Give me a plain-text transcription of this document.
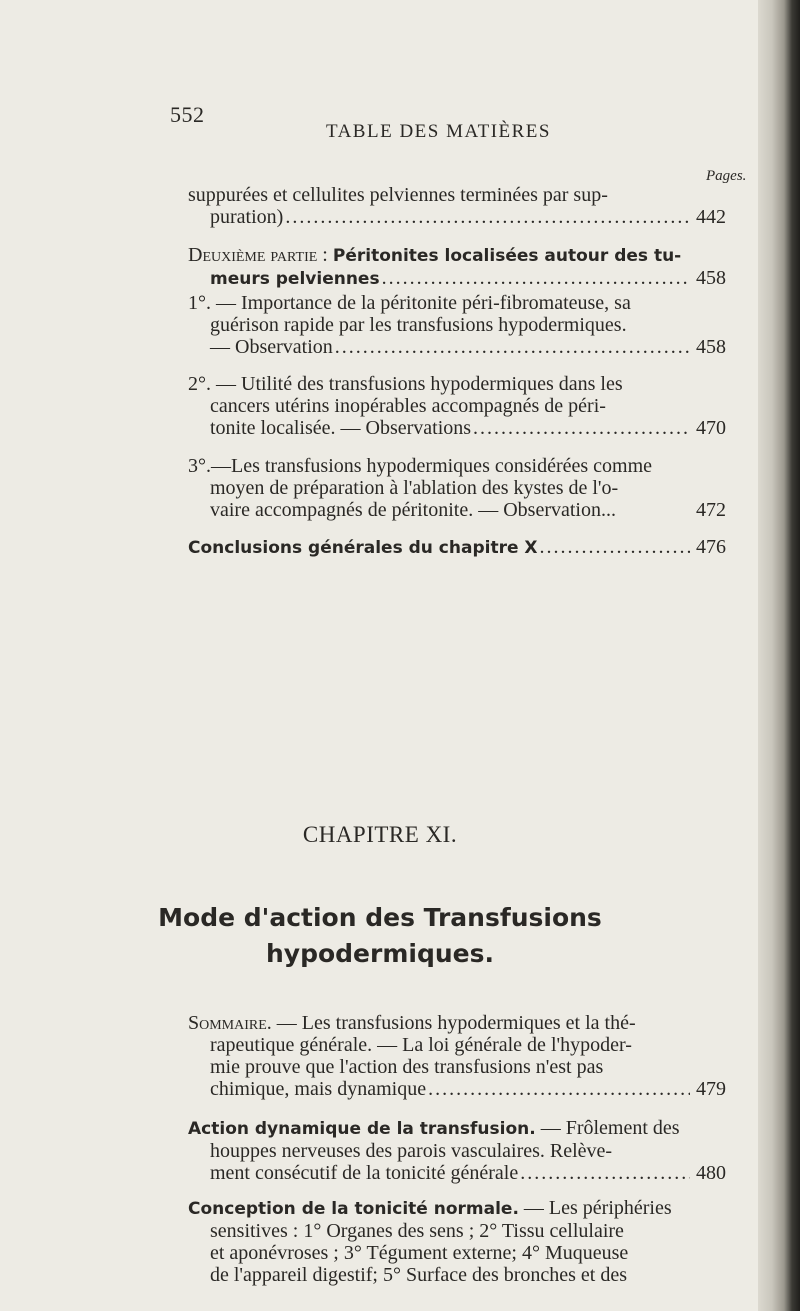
552
TABLE DES MATIÈRES
Pages.
suppurées et cellulites pelviennes terminées par sup-
puration) .....	442
Deuxième partie : Péritonites localisées autour des tu-
meurs pelviennes .....	458
1°. — Importance de la péritonite péri-fibromateuse, sa
guérison rapide par les transfusions hypodermiques.
— Observation .....	458
2°. — Utilité des transfusions hypodermiques dans les
cancers utérins inopérables accompagnés de péri-
tonite localisée. — Observations .....	470
3°.—Les transfusions hypodermiques considérées comme
moyen de préparation à l'ablation des kystes de l'o-
vaire accompagnés de péritonite. — Observation...	472
Conclusions générales du chapitre X .....	476
CHAPITRE XI.
Mode d'action des Transfusions
hypodermiques.
Sommaire. — Les transfusions hypodermiques et la thé-
rapeutique générale. — La loi générale de l'hypoder-
mie prouve que l'action des transfusions n'est pas
chimique, mais dynamique .....	479
Action dynamique de la transfusion. — Frôlement des
houppes nerveuses des parois vasculaires. Relève-
ment consécutif de la tonicité générale .....	480
Conception de la tonicité normale. — Les périphéries
sensitives : 1° Organes des sens ; 2° Tissu cellulaire
et aponévroses ; 3° Tégument externe; 4° Muqueuse
de l'appareil digestif; 5° Surface des bronches et des
